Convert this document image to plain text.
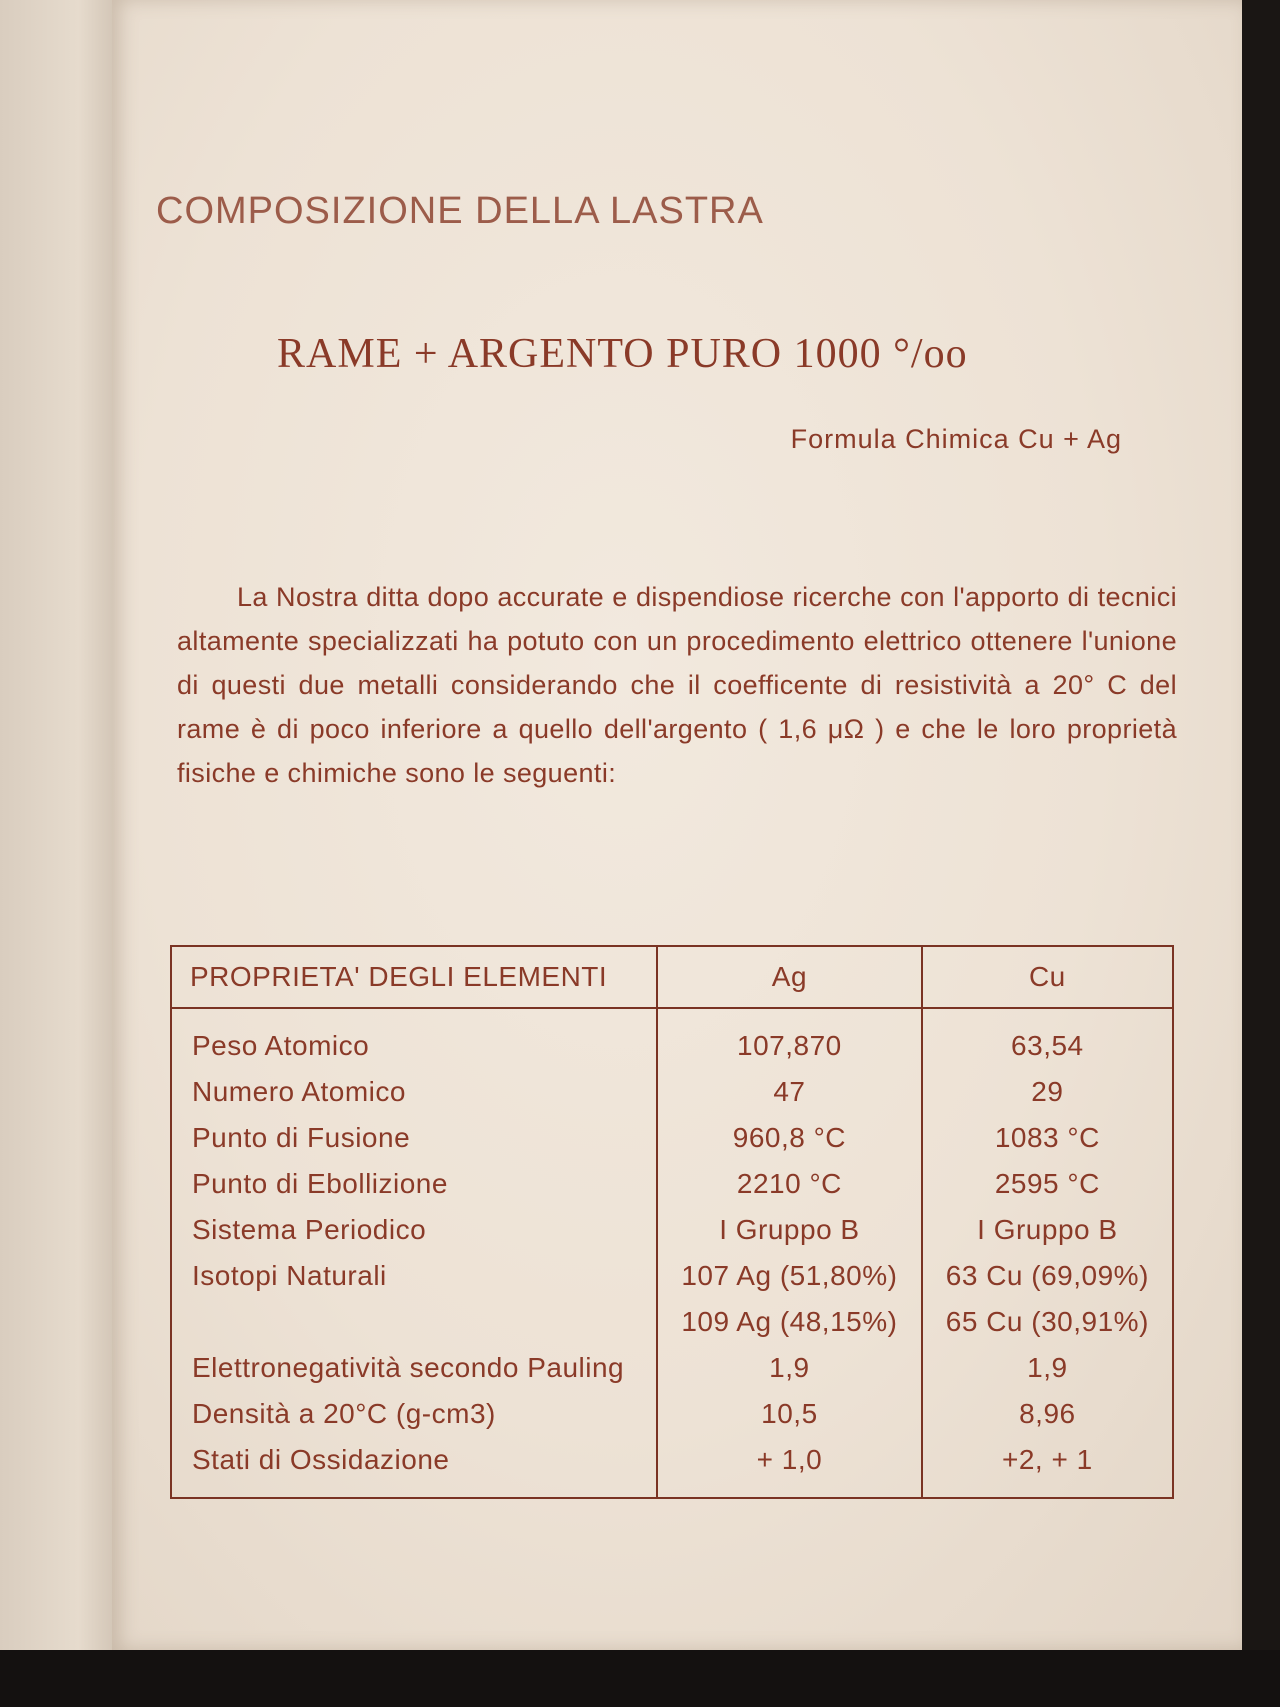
COMPOSIZIONE DELLA LASTRA
RAME + ARGENTO PURO 1000 °/oo
Formula Chimica Cu + Ag

La Nostra ditta dopo accurate e dispendiose ricerche con l'apporto di tecnici altamente specializzati ha potuto con un procedimento elettrico ottenere l'unione di questi due metalli considerando che il coefficente di resistività a 20° C del rame è di poco inferiore a quello dell'argento ( 1,6 μΩ ) e che le loro proprietà fisiche e chimiche sono le seguenti:

PROPRIETA' DEGLI ELEMENTI	Ag	Cu
Peso Atomico	107,870	63,54
Numero Atomico	47	29
Punto di Fusione	960,8 °C	1083 °C
Punto di Ebollizione	2210 °C	2595 °C
Sistema Periodico	I Gruppo B	I Gruppo B
Isotopi Naturali	107 Ag (51,80%)	63 Cu (69,09%)
	109 Ag (48,15%)	65 Cu (30,91%)
Elettronegatività secondo Pauling	1,9	1,9
Densità a 20°C (g-cm3)	10,5	8,96
Stati di Ossidazione	+ 1,0	+2, + 1
